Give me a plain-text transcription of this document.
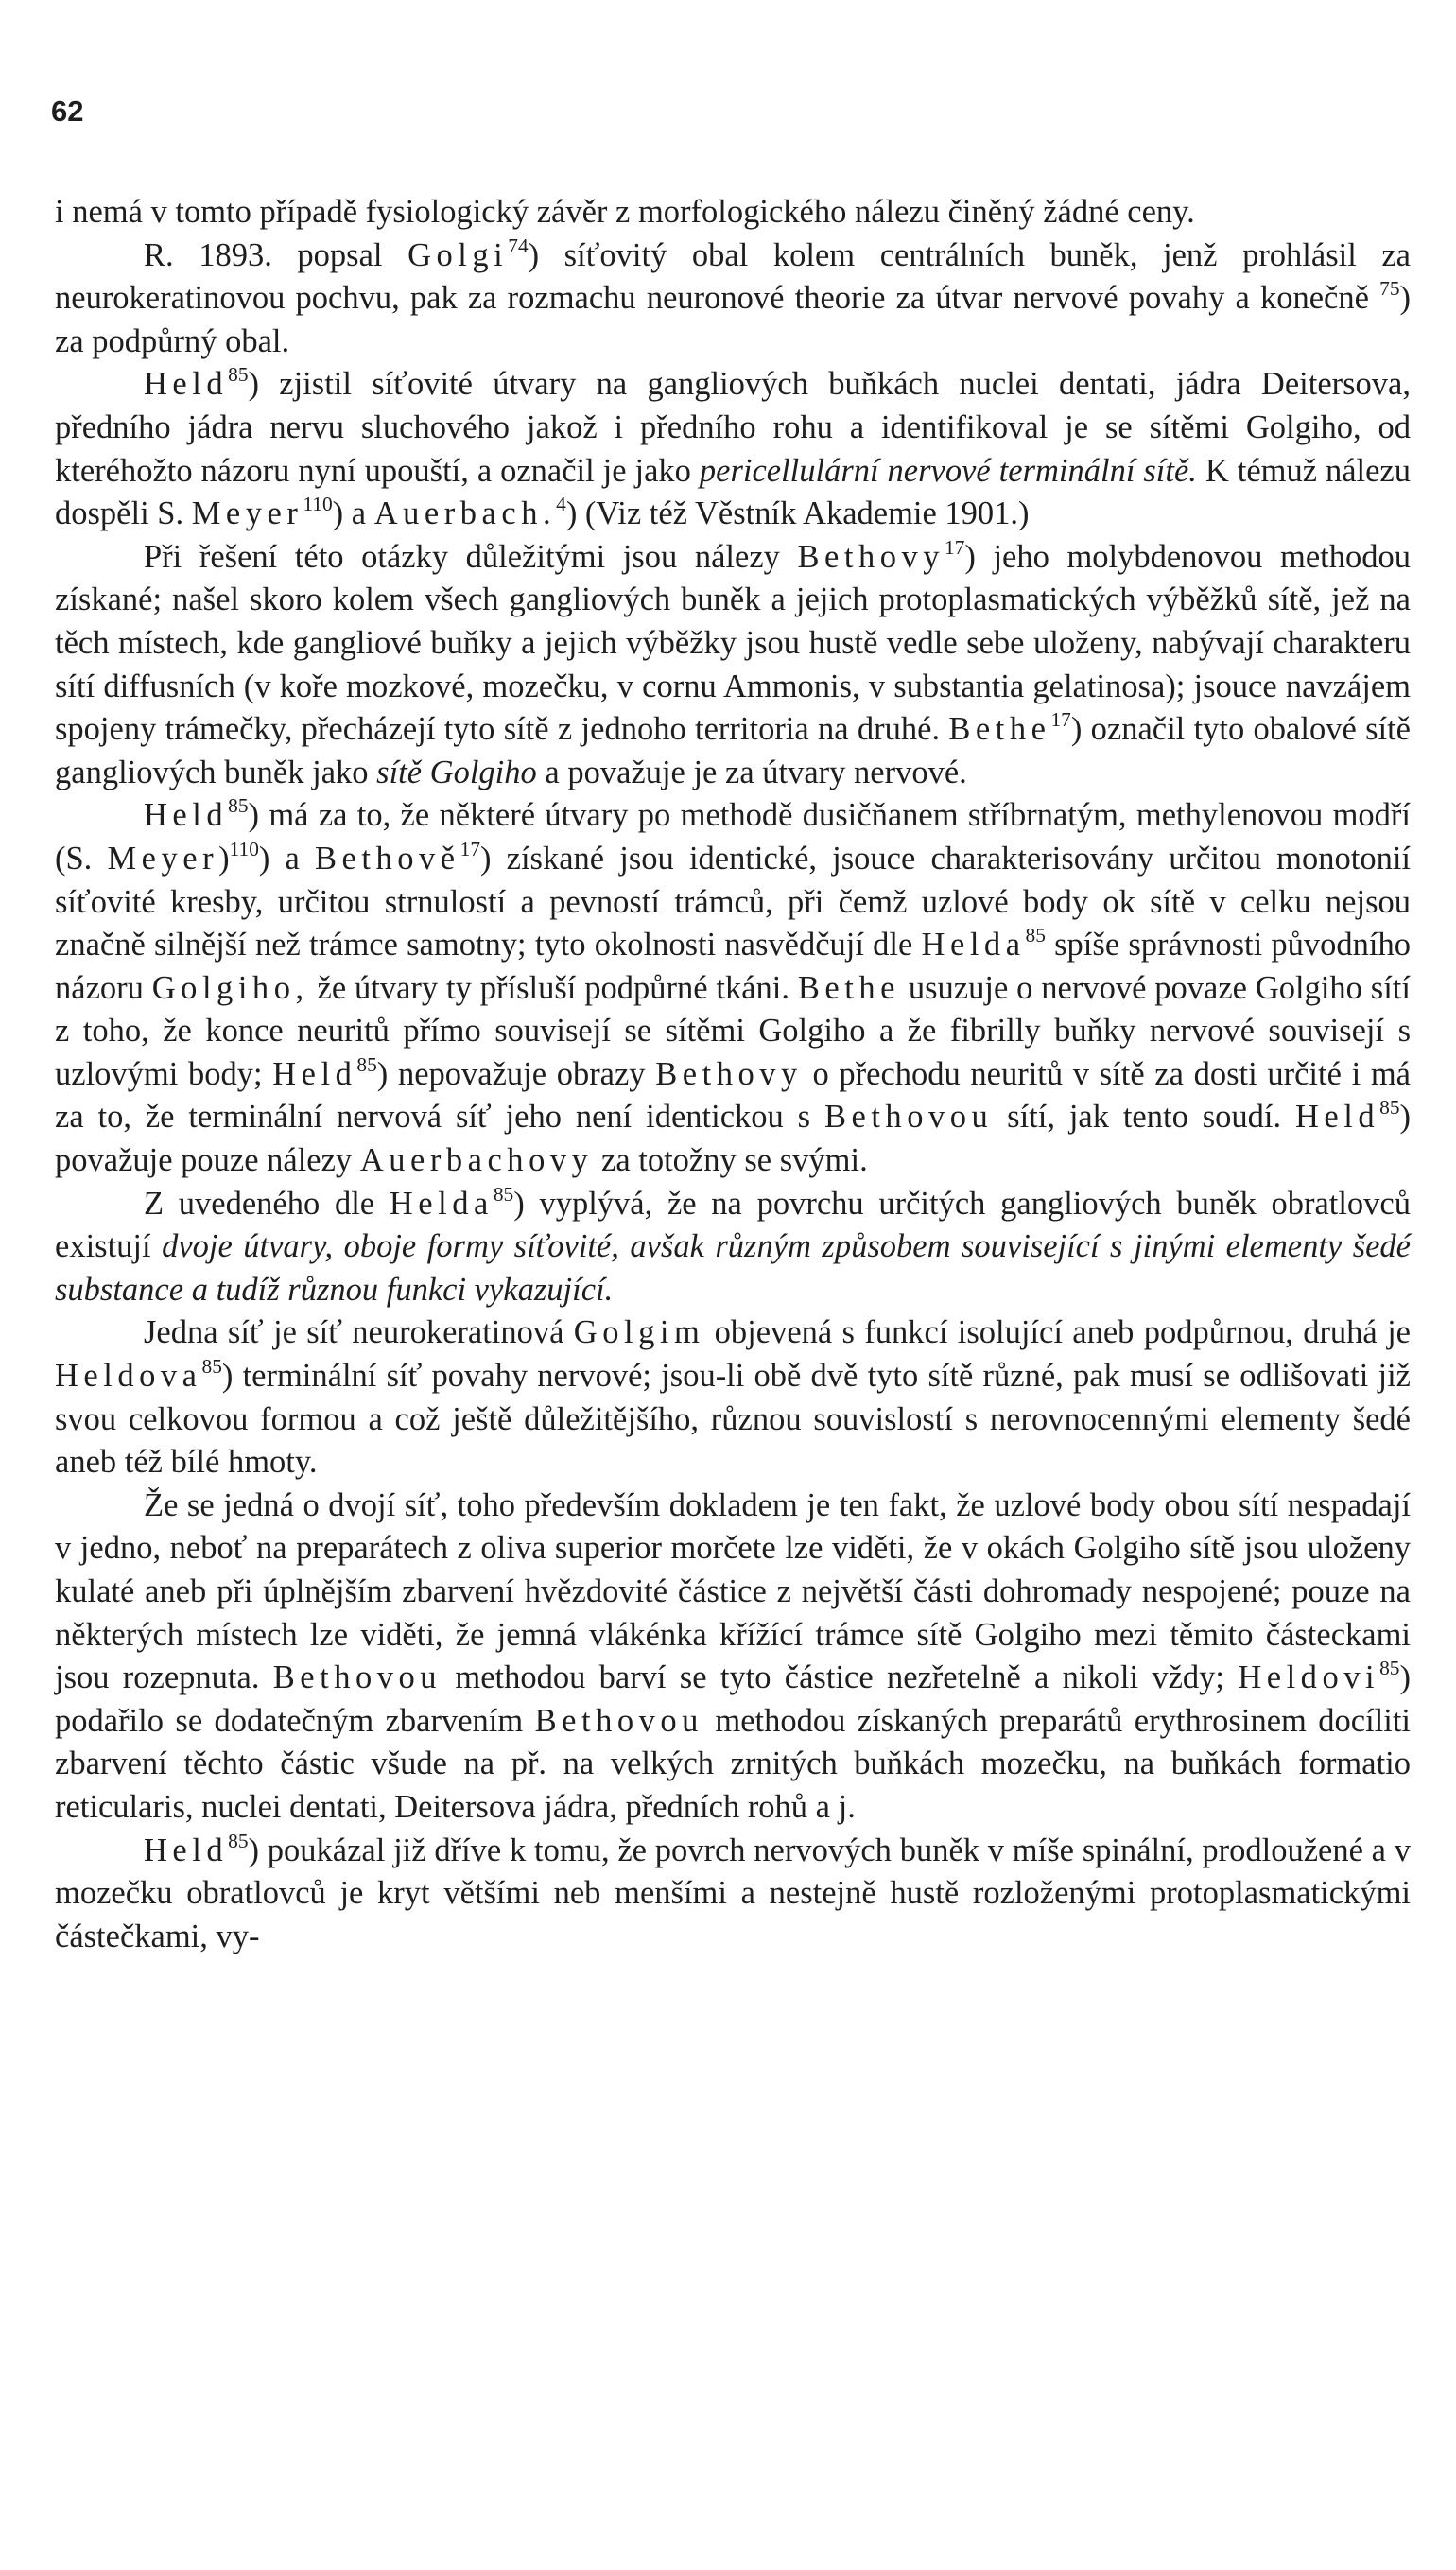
62

i nemá v tomto případě fysiologický závěr z morfologického nálezu činěný žádné ceny.

R. 1893. popsal Golgi$^{74}$) síťovitý obal kolem centrálních buněk, jenž prohlásil za neurokeratinovou pochvu, pak za rozmachu neuronové theorie za útvar nervové povahy a konečně $^{75}$) za podpůrný obal.

Held$^{85}$) zjistil síťovité útvary na gangliových buňkách nuclei dentati, jádra Deitersova, předního jádra nervu sluchového jakož i předního rohu a identifikoval je se sítěmi Golgiho, od kteréhožto názoru nyní upouští, a označil je jako pericellulární nervové terminální sítě. K témuž nálezu dospěli S. Meyer$^{110}$) a Auerbach.$^4$) (Viz též Věstník Akademie 1901.)

Při řešení této otázky důležitými jsou nálezy Bethovy$^{17}$) jeho molybdenovou methodou získané; našel skoro kolem všech gangliových buněk a jejich protoplasmatických výběžků sítě, jež na těch místech, kde gangliové buňky a jejich výběžky jsou hustě vedle sebe uloženy, nabývají charakteru sítí diffusních (v koře mozkové, mozečku, v cornu Ammonis, v substantia gelatinosa); jsouce navzájem spojeny trámečky, přecházejí tyto sítě z jednoho territoria na druhé. Bethe$^{17}$) označil tyto obalové sítě gangliových buněk jako sítě Golgiho a považuje je za útvary nervové.

Held$^{85}$) má za to, že některé útvary po methodě dusičňanem stříbrnatým, methylenovou modří (S. Meyer)$^{110}$) a Bethově$^{17}$) získané jsou identické, jsouce charakterisovány určitou monotonií síťovité kresby, určitou strnulostí a pevností trámců, při čemž uzlové body ok sítě v celku nejsou značně silnější než trámce samotny; tyto okolnosti nasvědčují dle Helda$^{85}$ spíše správnosti původního názoru Golgiho, že útvary ty přísluší podpůrné tkáni. Bethe usuzuje o nervové povaze Golgiho sítí z toho, že konce neuritů přímo souvisejí se sítěmi Golgiho a že fibrilly buňky nervové souvisejí s uzlovými body; Held$^{85}$) nepovažuje obrazy Bethovy o přechodu neuritů v sítě za dosti určité i má za to, že terminální nervová síť jeho není identickou s Bethovou sítí, jak tento soudí. Held$^{85}$) považuje pouze nálezy Auerbachovy za totožny se svými.

Z uvedeného dle Helda$^{85}$) vyplývá, že na povrchu určitých gangliových buněk obratlovců existují dvoje útvary, oboje formy síťovité, avšak různým způsobem související s jinými elementy šedé substance a tudíž různou funkci vykazující.

Jedna síť je síť neurokeratinová Golgim objevená s funkcí isolující aneb podpůrnou, druhá je Heldova$^{85}$) terminální síť povahy nervové; jsou-li obě dvě tyto sítě různé, pak musí se odlišovati již svou celkovou formou a což ještě důležitějšího, různou souvislostí s nerovnocennými elementy šedé aneb též bílé hmoty.

Že se jedná o dvojí síť, toho především dokladem je ten fakt, že uzlové body obou sítí nespadají v jedno, neboť na preparátech z oliva superior morčete lze viděti, že v okách Golgiho sítě jsou uloženy kulaté aneb při úplnějším zbarvení hvězdovité částice z největší části dohromady nespojené; pouze na některých místech lze viděti, že jemná vlákénka křížící trámce sítě Golgiho mezi těmito částeckami jsou rozepnuta. Bethovou methodou barví se tyto částice nezřetelně a nikoli vždy; Heldovi$^{85}$) podařilo se dodatečným zbarvením Bethovou methodou získaných preparátů erythrosinem docíliti zbarvení těchto částic všude na př. na velkých zrnitých buňkách mozečku, na buňkách formatio reticularis, nuclei dentati, Deitersova jádra, předních rohů a j.

Held$^{85}$) poukázal již dříve k tomu, že povrch nervových buněk v míše spinální, prodloužené a v mozečku obratlovců je kryt většími neb menšími a nestejně hustě rozloženými protoplasmatickými částečkami, vy-
